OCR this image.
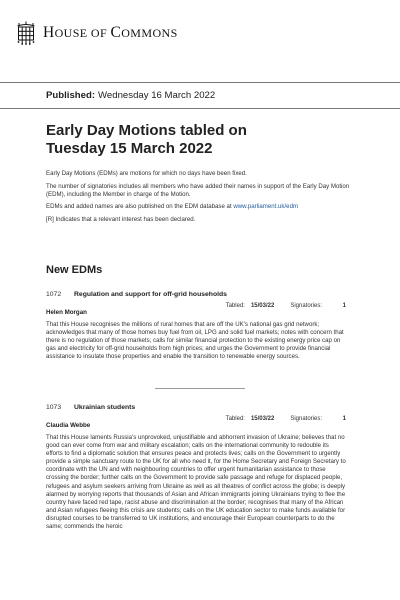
HOUSE OF COMMONS
Published: Wednesday 16 March 2022
Early Day Motions tabled on
Tuesday 15 March 2022

Early Day Motions (EDMs) are motions for which no days have been fixed.

The number of signatories includes all members who have added their names in support of the Early Day Motion (EDM), including the Member in charge of the Motion.

EDMs and added names are also published on the EDM database at www.parliament.uk/edm

[R] Indicates that a relevant interest has been declared.

New EDMs
1072	Regulation and support for off-grid households
Tabled: 15/03/22	Signatories:	1
Helen Morgan
That this House recognises the millions of rural homes that are off the UK’s national gas grid network; acknowledges that many of those homes buy fuel from oil, LPG and solid fuel markets; notes with concern that there is no regulation of those markets; calls for similar financial protection to the existing energy price cap on gas and electricity for off-grid households from high prices; and urges the Government to provide financial assistance to insulate those properties and enable the transition to renewable energy sources.
1073	Ukrainian students
Tabled: 15/03/22	Signatories:	1
Claudia Webbe
That this House laments Russia’s unprovoked, unjustifiable and abhorrent invasion of Ukraine; believes that no good can ever come from war and military escalation; calls on the international community to redouble its efforts to find a diplomatic solution that ensures peace and protects lives; calls on the Government to urgently provide a simple sanctuary route to the UK for all who need it, for the Home Secretary and Foreign Secretary to coordinate with the UN and with neighbouring countries to offer urgent humanitarian assistance to those crossing the border; further calls on the Government to provide safe passage and refuge for displaced people, refugees and asylum seekers arriving from Ukraine as well as all theatres of conflict across the globe; is deeply alarmed by worrying reports that thousands of Asian and African immigrants joining Ukrainians trying to flee the country have faced red tape, racist abuse and discrimination at the border; recognises that many of the African and Asian refugees fleeing this crisis are students; calls on the UK education sector to make funds available for disrupted courses to be transferred to UK institutions, and encourage their European counterparts to do the same; commends the heroic
